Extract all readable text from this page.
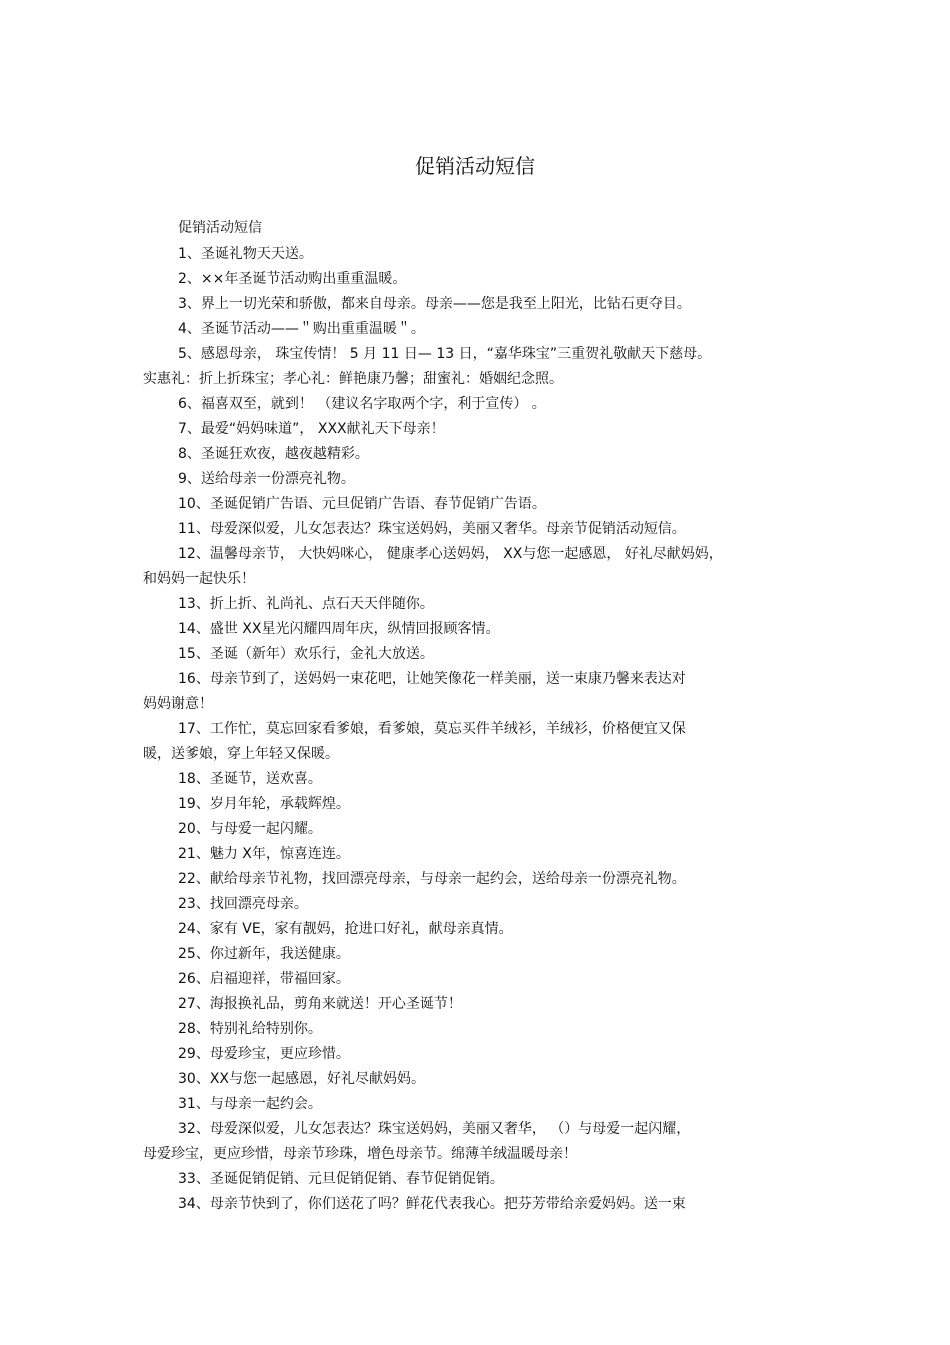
促销活动短信
促销活动短信
1、圣诞礼物天天送。
2、××年圣诞节活动购出重重温暖。
3、界上一切光荣和骄傲，都来自母亲。母亲——您是我至上阳光，比钻石更夺目。
4、圣诞节活动——＂购出重重温暖＂。
5、感恩母亲， 珠宝传情！ 5 月 11 日— 13 日，“嘉华珠宝”三重贺礼敬献天下慈母。
实惠礼：折上折珠宝；孝心礼：鲜艳康乃馨；甜蜜礼：婚姻纪念照。
6、福喜双至，就到！ （建议名字取两个字，利于宣传） 。
7、最爱“妈妈味道”， XXX献礼天下母亲！
8、圣诞狂欢夜，越夜越精彩。
9、送给母亲一份漂亮礼物。
10、圣诞促销广告语、元旦促销广告语、春节促销广告语。
11、母爱深似爱，儿女怎表达？珠宝送妈妈，美丽又奢华。母亲节促销活动短信。
12、温馨母亲节， 大快妈咪心， 健康孝心送妈妈， XX与您一起感恩， 好礼尽献妈妈，
和妈妈一起快乐！
13、折上折、礼尚礼、点石天天伴随你。
14、盛世 XX星光闪耀四周年庆，纵情回报顾客情。
15、圣诞（新年）欢乐行，金礼大放送。
16、母亲节到了，送妈妈一束花吧，让她笑像花一样美丽，送一束康乃馨来表达对
妈妈谢意！
17、工作忙，莫忘回家看爹娘，看爹娘，莫忘买件羊绒衫，羊绒衫，价格便宜又保
暖，送爹娘，穿上年轻又保暖。
18、圣诞节，送欢喜。
19、岁月年轮，承载辉煌。
20、与母爱一起闪耀。
21、魅力 X年，惊喜连连。
22、献给母亲节礼物，找回漂亮母亲，与母亲一起约会，送给母亲一份漂亮礼物。
23、找回漂亮母亲。
24、家有 VE，家有靓妈，抢进口好礼，献母亲真情。
25、你过新年，我送健康。
26、启福迎祥，带福回家。
27、海报换礼品，剪角来就送！开心圣诞节！
28、特别礼给特别你。
29、母爱珍宝，更应珍惜。
30、XX与您一起感恩，好礼尽献妈妈。
31、与母亲一起约会。
32、母爱深似爱，儿女怎表达？珠宝送妈妈，美丽又奢华， （）与母爱一起闪耀，
母爱珍宝，更应珍惜，母亲节珍珠，增色母亲节。绵薄羊绒温暖母亲！
33、圣诞促销促销、元旦促销促销、春节促销促销。
34、母亲节快到了，你们送花了吗？鲜花代表我心。把芬芳带给亲爱妈妈。送一束
